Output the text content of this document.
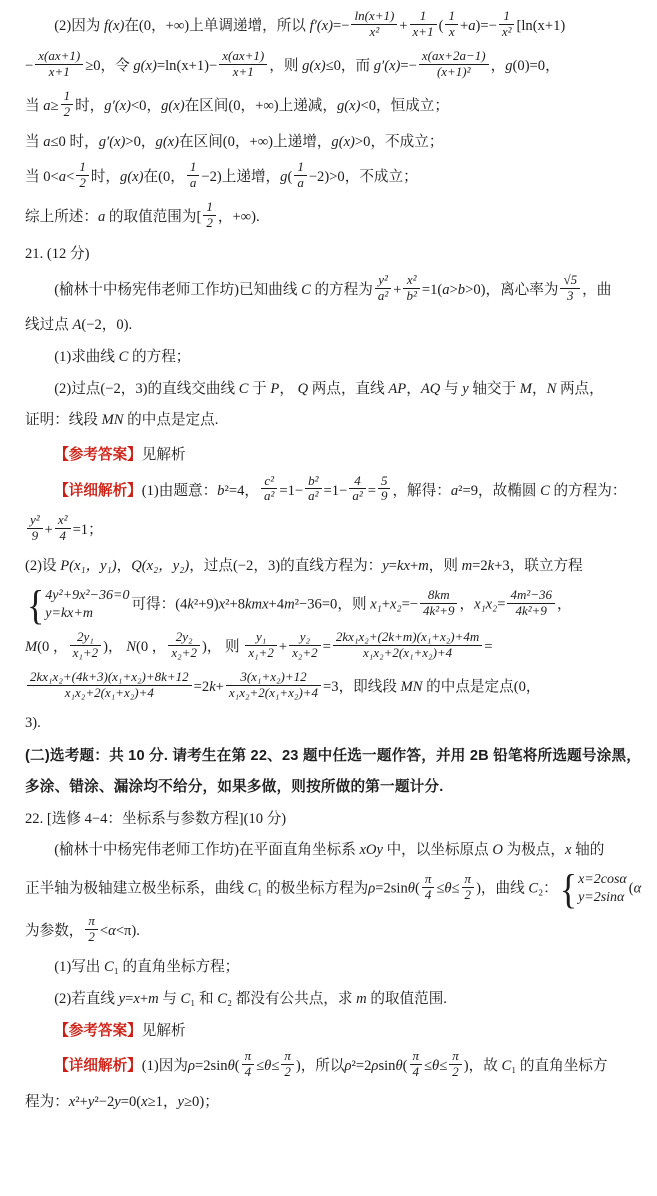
(2)因为 f(x)在(0，+∞)上单调递增，所以 $f'(x)=- \frac{\ln(x+1)}{\text{x²}} + \frac{1}{x+1}$ ( $\frac{1}{x} +a)=- \frac{1}{\text{x²}} [\ln(x+1)$
− $\frac{x(ax+1)}{x+1} \ge 0$，令 $g(x)=\ln(x+1)- \frac{x(ax+1)}{x+1}$ ，则 g(x)≤0，而 $g'(x)=- \frac{x(ax+2a-1)}{\text{(x+1)²}}$ ，g(0)=0，
当 $a\ge \frac{1}{2}$ 时，g′(x)<0，g(x)在区间(0，+∞)上递减，g(x)<0，恒成立；
当 a≤0 时，g′(x)>0，g(x)在区间(0，+∞)上递增，g(x)>0，不成立；
当 $0<a< \frac{1}{2}$ 时，g(x)在(0， $\frac{1}{a} -2$)上递增，$g( \frac{1}{a} -2)>0$，不成立；
综上所述：a 的取值范围为[ $\frac{1}{2}$ ，+∞).
21. (12 分)
(榆林十中杨宪伟老师工作坊)已知曲线 C 的方程为 $\frac{\text{y²}}{\text{a²}} + \frac{\text{x²}}{\text{b²}} =1(a>b>0)$，离心率为 $\frac{√5}{3}$ ，曲
线过点 A(−2，0).
(1)求曲线 C 的方程；
(2)过点(−2，3)的直线交曲线 C 于 P， Q 两点，直线 AP，AQ 与 y 轴交于 M，N 两点，
证明：线段 MN 的中点是定点.
【参考答案】见解析
【详细解析】(1)由题意：b²=4， $\frac{\text{c²}}{\text{a²}} =1- \frac{\text{b²}}{\text{a²}} =1- \frac{4}{\text{a²}} = \frac{5}{9}$ ，解得：a²=9，故椭圆 C 的方程为：
$\frac{\text{y²}}{9} + \frac{\text{x²}}{4} =1$；
(2)设 P(x₁，y₁)，Q(x₂，y₂)，过点(−2，3)的直线方程为：y=kx+m，则 m=2k+3，联立方程
{ 4y²+9x²−36=0
y=kx+m
可得：(4k²+9)x²+8kmx+4m²−36=0，则 $x_1+x_2=- \frac{8km}{\text{4k²+9}}$ ，$x_1x_2= \frac{\text{4m²−36}}{\text{4k²+9}}$ ，
M(0 ， $\frac{\text{2y₁}}{\text{x₁+2}}$ )， N(0 ， $\frac{\text{2y₂}}{\text{x₂+2}}$ )， 则 $\frac{\text{y₁}}{\text{x₁+2}} + \frac{\text{y₂}}{\text{x₂+2}} = \frac{\text{2kx₁x₂+(2k+m)(x₁+x₂)+4m}}{\text{x₁x₂+2(x₁+x₂)+4}}$ =
$\frac{\text{2kx₁x₂+(4k+3)(x₁+x₂)+8k+12}}{\text{x₁x₂+2(x₁+x₂)+4}} =2k+ \frac{\text{3(x₁+x₂)+12}}{\text{x₁x₂+2(x₁+x₂)+4}} =3$，即线段 MN 的中点是定点(0，
3).
(二)选考题：共 10 分. 请考生在第 22、23 题中任选一题作答，并用 2B 铅笔将所选题号涂黑，
多涂、错涂、漏涂均不给分，如果多做，则按所做的第一题计分.
22. [选修 4−4：坐标系与参数方程](10 分)
(榆林十中杨宪伟老师工作坊)在平面直角坐标系 xOy 中，以坐标原点 O 为极点，x 轴的
正半轴为极轴建立极坐标系，曲线 C₁ 的极坐标方程为$\rho=2\sin\theta( \frac{\pi}{4} \le\theta\le \frac{\pi}{2}$ )，曲线 C₂： { x=2cosα
y=2sinα
(α
为参数， $\frac{\pi}{2} <\alpha<\pi$).
(1)写出 C₁ 的直角坐标方程；
(2)若直线 y=x+m 与 C₁ 和 C₂ 都没有公共点，求 m 的取值范围.
【参考答案】见解析
【详细解析】(1)因为$\rho=2\sin\theta( \frac{\pi}{4} \le\theta\le \frac{\pi}{2}$ )，所以$\rho^2=2\rho\sin\theta( \frac{\pi}{4} \le\theta\le \frac{\pi}{2}$ )，故 C₁ 的直角坐标方
程为：x²+y²−2y=0(x≥1，y≥0)；
